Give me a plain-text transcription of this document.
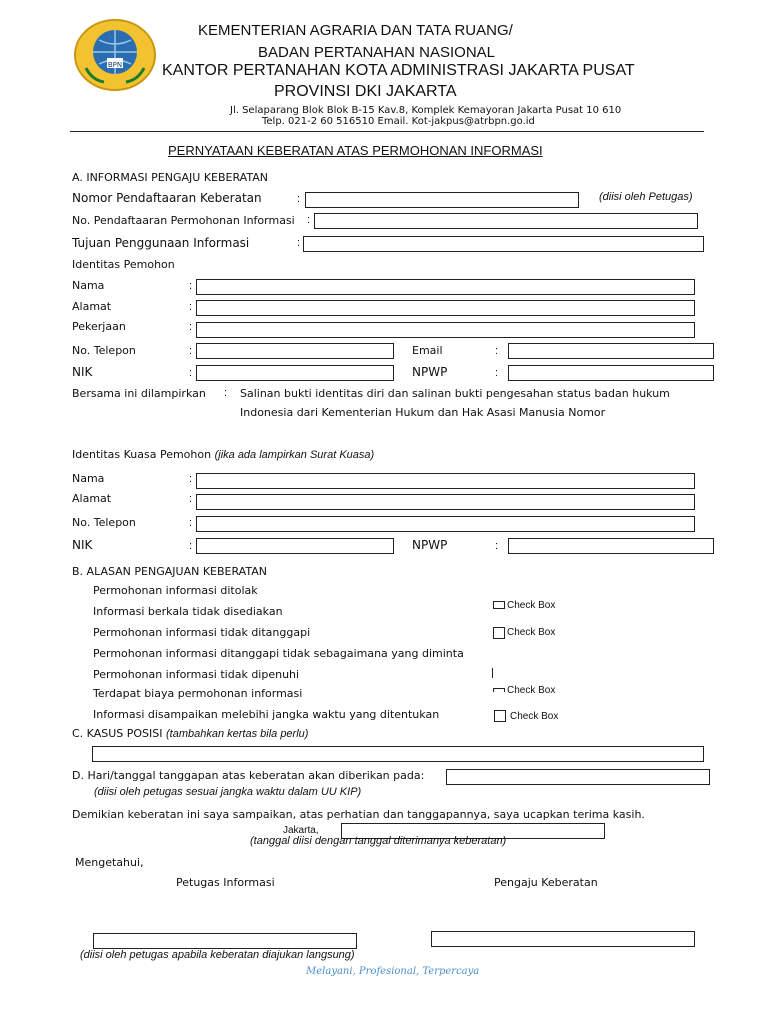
BPN
KEMENTERIAN AGRARIA DAN TATA RUANG/
BADAN PERTANAHAN NASIONAL
KANTOR PERTANAHAN KOTA ADMINISTRASI JAKARTA PUSAT
PROVINSI DKI JAKARTA
Jl. Selaparang Blok Blok B-15 Kav.8, Komplek Kemayoran Jakarta Pusat 10 610
Telp. 021-2 60 516510 Email. Kot-jakpus@atrbpn.go.id
PERNYATAAN KEBERATAN ATAS PERMOHONAN INFORMASI
A. INFORMASI PENGAJU KEBERATAN
Nomor Pendaftaaran Keberatan	:	(diisi oleh Petugas)
No. Pendaftaaran Permohonan Informasi :
Tujuan Penggunaan Informasi	:
Identitas Pemohon
Nama	:
Alamat	:
Pekerjaan	:
No. Telepon	:	Email	:
NIK	:	NPWP	:
Bersama ini dilampirkan : Salinan bukti identitas diri dan salinan bukti pengesahan status badan hukum
Indonesia dari Kementerian Hukum dan Hak Asasi Manusia Nomor
Identitas Kuasa Pemohon (jika ada lampirkan Surat Kuasa)
Nama	:
Alamat	:
No. Telepon	:
NIK	:	NPWP	:
B. ALASAN PENGAJUAN KEBERATAN
Permohonan informasi ditolak
Informasi berkala tidak disediakan	Check Box
Permohonan informasi tidak ditanggapi	Check Box
Permohonan informasi ditanggapi tidak sebagaimana yang diminta
Permohonan informasi tidak dipenuhi
Terdapat biaya permohonan informasi	Check Box
Informasi disampaikan melebihi jangka waktu yang ditentukan	Check Box
C. KASUS POSISI (tambahkan kertas bila perlu)
D. Hari/tanggal tanggapan atas keberatan akan diberikan pada:
(diisi oleh petugas sesuai jangka waktu dalam UU KIP)
Demikian keberatan ini saya sampaikan, atas perhatian dan tanggapannya, saya ucapkan terima kasih.
Jakarta,
(tanggal diisi dengan tanggal diterimanya keberatan)
Mengetahui,
Petugas Informasi	Pengaju Keberatan
(diisi oleh petugas apabila keberatan diajukan langsung)
Melayani, Profesional, Terpercaya
